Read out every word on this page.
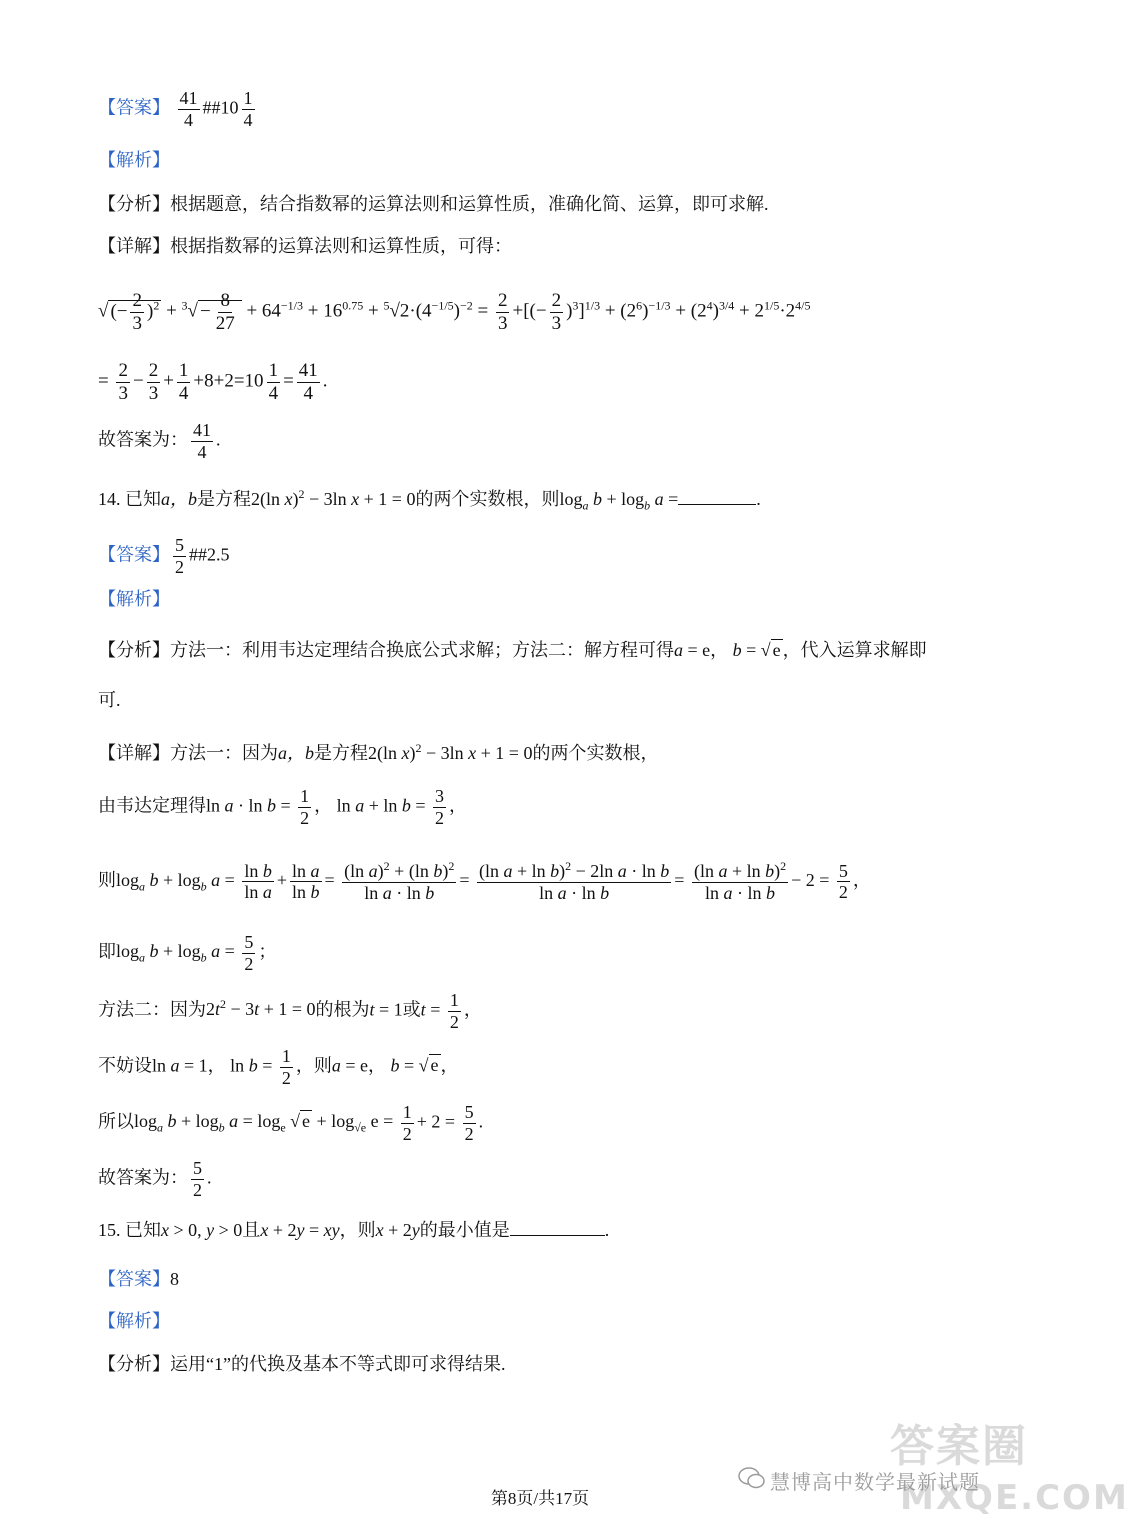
【答案】 $\frac{41}{4}$ ##10 $\frac{1}{4}$
【解析】
【分析】根据题意，结合指数幂的运算法则和运算性质，准确化简、运算，即可求解.
【详解】根据指数幂的运算法则和运算性质，可得：
√ (− $\frac{2}{3} )^2 + ^3√ - \frac{8}{27} + 64^{-1/3} + 16^{0.75} + ^5√2\cdot(4^{-1/5})^{-2} = \frac{2}{3}$ +[(− $\frac{2}{3} )^3]^{1/3} + (2^6)^{-1/3} + (2^4)^{3/4} + 2^{1/5}\cdot 2^{4/5}$
= $\frac{2}{3} - \frac{2}{3} + \frac{1}{4} +8+2=10 \frac{1}{4} = \frac{41}{4}$ .
故答案为： $\frac{41}{4}$ .
14. 已知a，b是方程2(ln x)$^2$ − 3ln x + 1 = 0的两个实数根，则$\log_a b + \log_b a$ =	.
【答案】 $\frac{5}{2}$ ##2.5
【解析】
【分析】方法一：利用韦达定理结合换底公式求解；方法二：解方程可得a = e， b = √ e ，代入运算求解即
可.
【详解】方法一：因为a，b是方程2(ln x)$^2$ − 3ln x + 1 = 0的两个实数根，
由韦达定理得$\ln a \cdot \ln b = \frac{1}{2}$ ， $\ln a + \ln b = \frac{3}{2}$ ，
则$\log_a b + \log_b a = \frac{\text{ln b}}{\text{ln a}} + \frac{\text{ln a}}{\text{ln b}} = \frac{(\ln a)^2 + (\ln b)^2}{\text{ln a · ln b}} = \frac{(\ln a + \ln b)^2 - 2\ln a \cdot \ln b}{\text{ln a · ln b}} = \frac{(\ln a + \ln b)^2}{\text{ln a · ln b}} - 2 = \frac{5}{2}$ ，
即$\log_a b + \log_b a = \frac{5}{2}$ ；
方法二：因为$2t^2 - 3t + 1 = 0$的根为t = 1或$t = \frac{1}{2}$ ，
不妨设ln a = 1， $\ln b = \frac{1}{2}$ ，则a = e， b = √ e ，
所以$\log_a b + \log_b a = \log_e$ √ $e + \log_{√e} e = \frac{1}{2} + 2 = \frac{5}{2}$ .
故答案为： $\frac{5}{2}$ .
15. 已知x > 0, y > 0且x + 2y = xy，则x + 2y的最小值是	.
【答案】8
【解析】
【分析】运用“1”的代换及基本不等式即可求得结果.
答案圈
MXQE.COM
慧博高中数学最新试题
第8页/共17页
